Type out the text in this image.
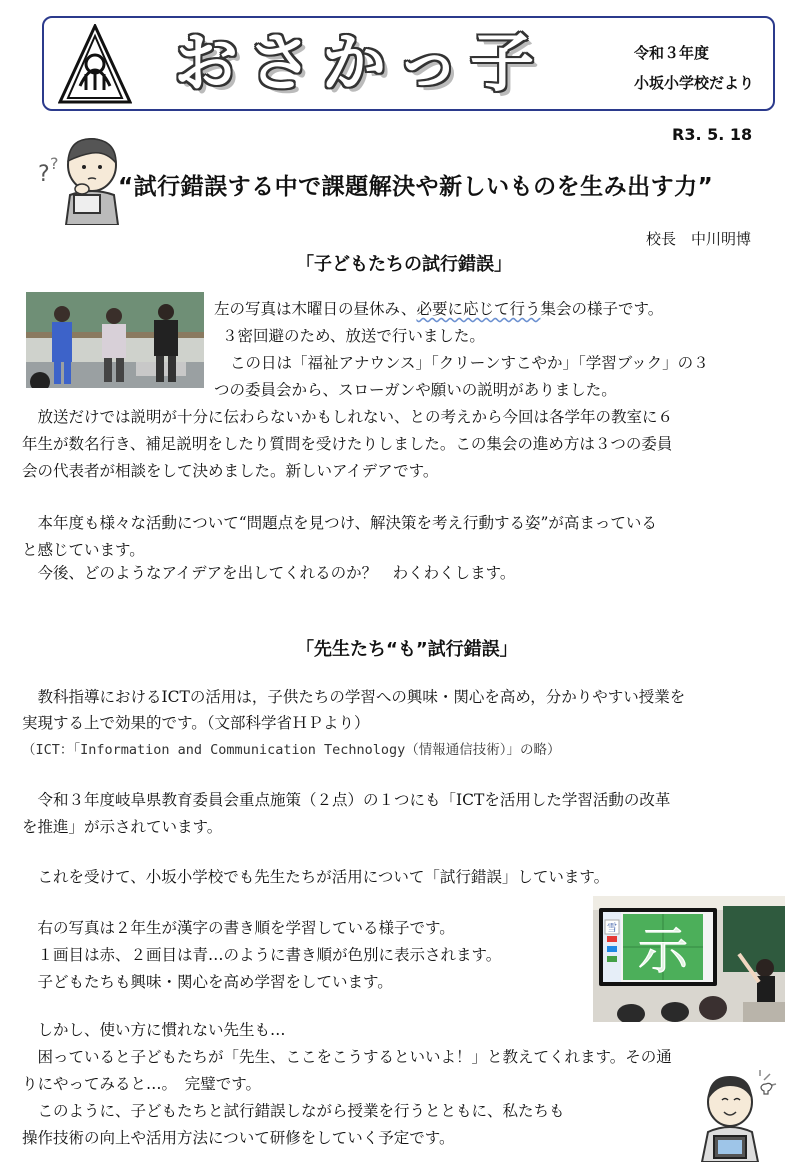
おさかっ子	令和３年度
小坂小学校だより
R3. 5. 18
? ?
“試行錯誤する中で課題解決や新しいものを生み出す力”
校長　中川明博
「子どもたちの試行錯誤」
左の写真は木曜日の昼休み、必要に応じて行う集会の様子です。
３密回避のため、放送で行いました。
この日は「福祉アナウンス」「クリーンすこやか」「学習ブック」の３
つの委員会から、スローガンや願いの説明がありました。
　放送だけでは説明が十分に伝わらないかもしれない、との考えから今回は各学年の教室に６
年生が数名行き、補足説明をしたり質問を受けたりしました。この集会の進め方は３つの委員
会の代表者が相談をして決めました。新しいアイデアです。
　本年度も様々な活動について“問題点を見つけ、解決策を考え行動する姿”が高まっている
と感じています。
　今後、どのようなアイデアを出してくれるのか？　わくわくします。
「先生たち“も”試行錯誤」
　教科指導におけるICTの活用は，子供たちの学習への興味・関心を高め，分かりやすい授業を
実現する上で効果的です。（文部科学省ＨＰより）
（ICT：「Information and Communication Technology（情報通信技術）」の略）
　令和３年度岐阜県教育委員会重点施策（２点）の１つにも「ICTを活用した学習活動の改革
を推進」が示されています。
　これを受けて、小坂小学校でも先生たちが活用について「試行錯誤」しています。
　右の写真は２年生が漢字の書き順を学習している様子です。
　１画目は赤、２画目は青…のように書き順が色別に表示されます。
　子どもたちも興味・関心を高め学習をしています。
　しかし、使い方に慣れない先生も…
　困っていると子どもたちが「先生、ここをこうするといいよ！」と教えてくれます。その通
りにやってみると…。　完璧です。
　このように、子どもたちと試行錯誤しながら授業を行うとともに、私たちも
操作技術の向上や活用方法について研修をしていく予定です。
雪 示
